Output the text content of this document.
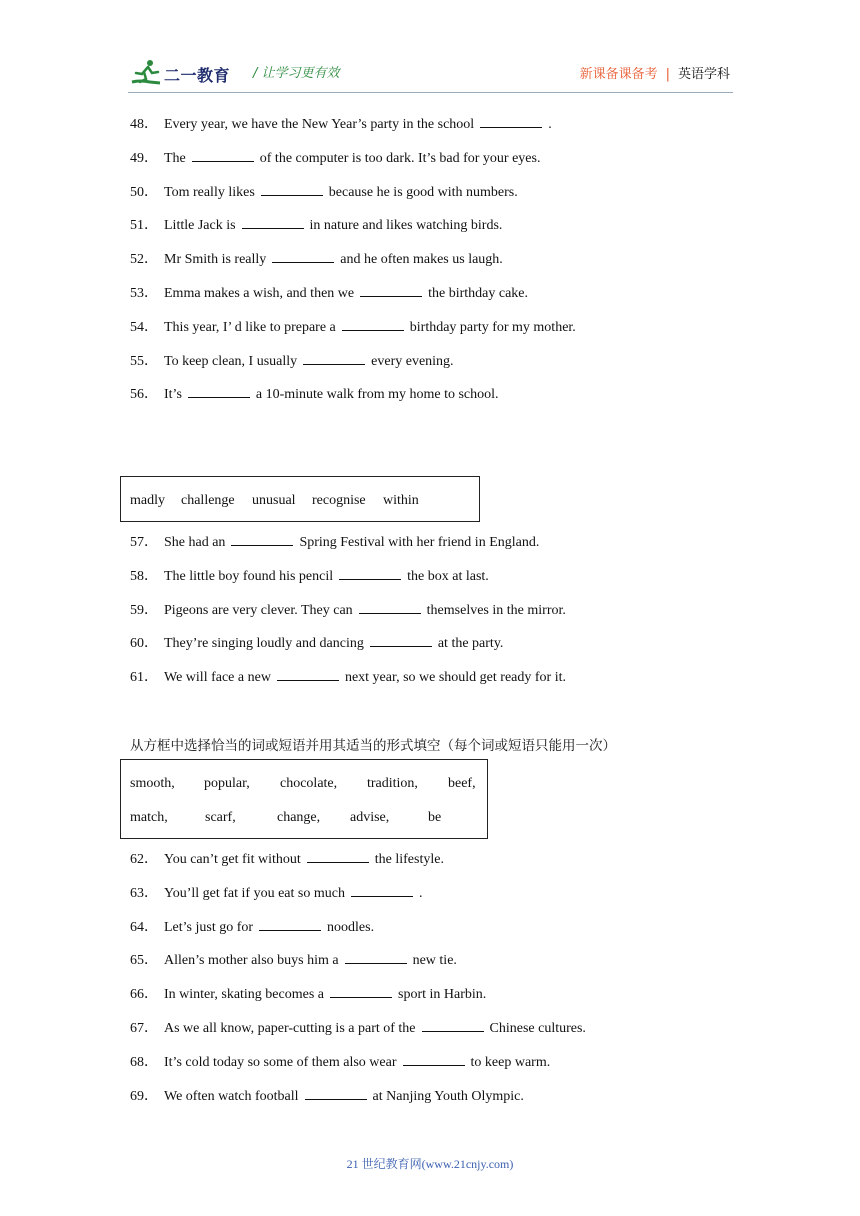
二一教育 / 让学习更有效	新课备课备考 | 英语学科
48． Every year, we have the New Year’s party in the school	.
49． The	of the computer is too dark. It’s bad for your eyes.
50． Tom really likes	because he is good with numbers.
51． Little Jack is	in nature and likes watching birds.
52． Mr Smith is really	and he often makes us laugh.
53． Emma makes a wish, and then we	the birthday cake.
54． This year, I’ d like to prepare a	birthday party for my mother.
55． To keep clean, I usually	every evening.
56． It’s	a 10-minute walk from my home to school.
madly challenge unusual recognise within
57． She had an	Spring Festival with her friend in England.
58． The little boy found his pencil	the box at last.
59． Pigeons are very clever. They can	themselves in the mirror.
60． They’re singing loudly and dancing	at the party.
61． We will face a new	next year, so we should get ready for it.
从方框中选择恰当的词或短语并用其适当的形式填空（每个词或短语只能用一次）
smooth, popular, chocolate, tradition, beef,
match,	scarf,	change, advise,	be
62． You can’t get fit without	the lifestyle.
63． You’ll get fat if you eat so much	.
64． Let’s just go for	noodles.
65． Allen’s mother also buys him a	new tie.
66． In winter, skating becomes a	sport in Harbin.
67． As we all know, paper-cutting is a part of the	Chinese cultures.
68． It’s cold today so some of them also wear	to keep warm.
69． We often watch football	at Nanjing Youth Olympic.
21 世纪教育网(www.21cnjy.com)
